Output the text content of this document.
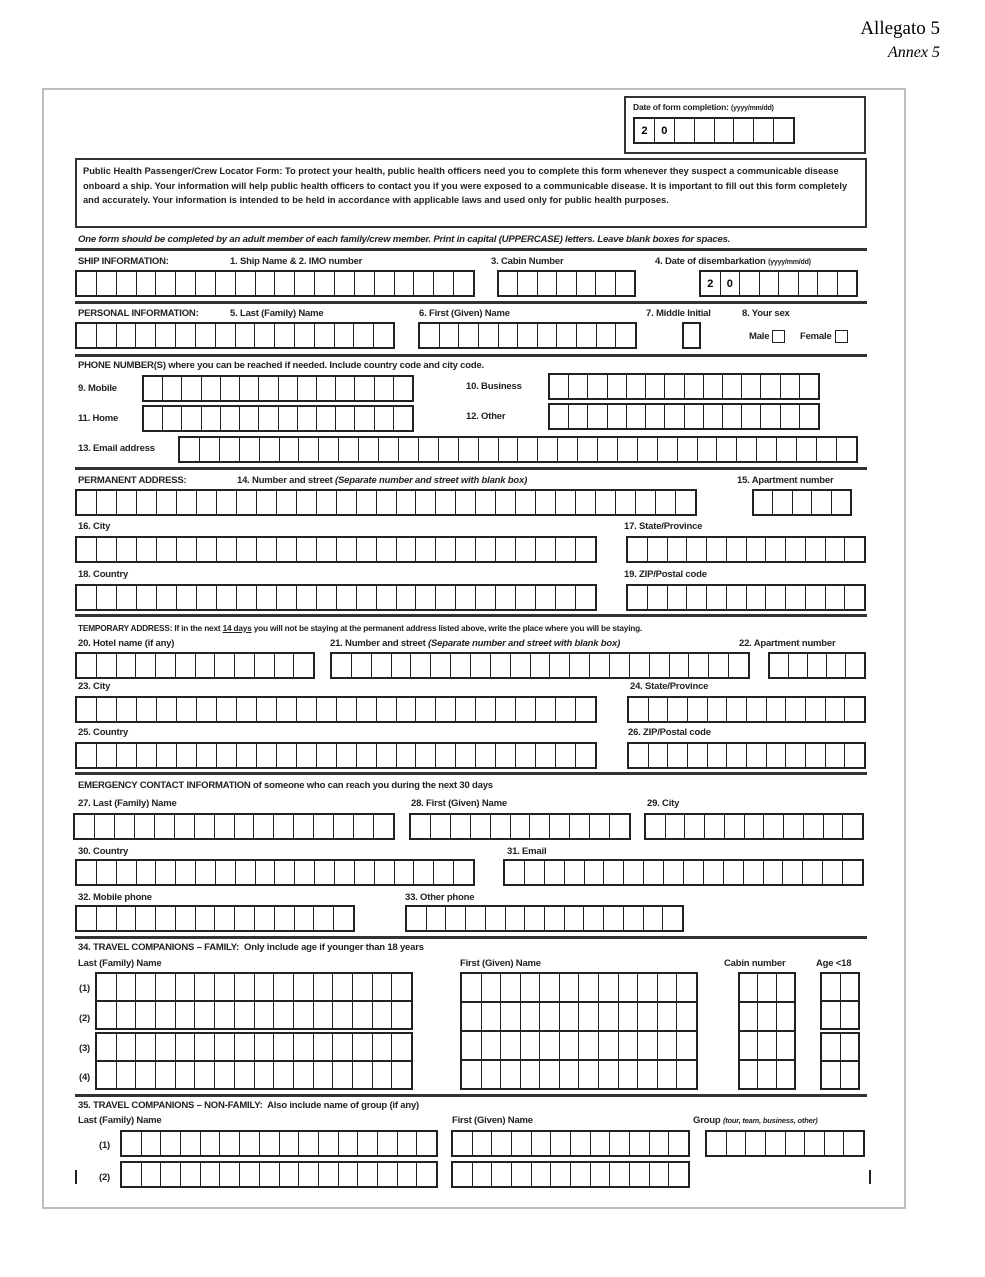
Allegato 5
Annex 5
Date of form completion: (yyyy/mm/dd)
2	0
Public Health Passenger/Crew Locator Form: To protect your health, public health officers need you to complete this form whenever they suspect a communicable disease onboard a ship. Your information will help public health officers to contact you if you were exposed to a communicable disease. It is important to fill out this form completely and accurately. Your information is intended to be held in accordance with applicable laws and used only for public health purposes.
One form should be completed by an adult member of each family/crew member. Print in capital (UPPERCASE) letters. Leave blank boxes for spaces.
SHIP INFORMATION:	1. Ship Name & 2. IMO number	3. Cabin Number	4. Date of disembarkation (yyyy/mm/dd)
2	0
PERSONAL INFORMATION:	5. Last (Family) Name	6. First (Given) Name	7. Middle Initial	8. Your sex
Male	Female
PHONE NUMBER(S) where you can be reached if needed. Include country code and city code.
9. Mobile	10. Business
11. Home	12. Other
13. Email address
PERMANENT ADDRESS:	14. Number and street (Separate number and street with blank box)	15. Apartment number
16. City	17. State/Province
18. Country	19. ZIP/Postal code
TEMPORARY ADDRESS: If in the next 14 days you will not be staying at the permanent address listed above, write the place where you will be staying.
20. Hotel name (if any)	21. Number and street (Separate number and street with blank box)	22. Apartment number
23. City	24. State/Province
25. Country	26. ZIP/Postal code
EMERGENCY CONTACT INFORMATION of someone who can reach you during the next 30 days
27. Last (Family) Name	28. First (Given) Name	29. City
30. Country	31. Email
32. Mobile phone	33. Other phone
34. TRAVEL COMPANIONS – FAMILY: Only include age if younger than 18 years
Last (Family) Name	First (Given) Name	Cabin number	Age <18
(1)
(2)
(3)
(4)
35. TRAVEL COMPANIONS – NON-FAMILY: Also include name of group (if any)
Last (Family) Name	First (Given) Name	Group (tour, team, business, other)
(1)
(2)
